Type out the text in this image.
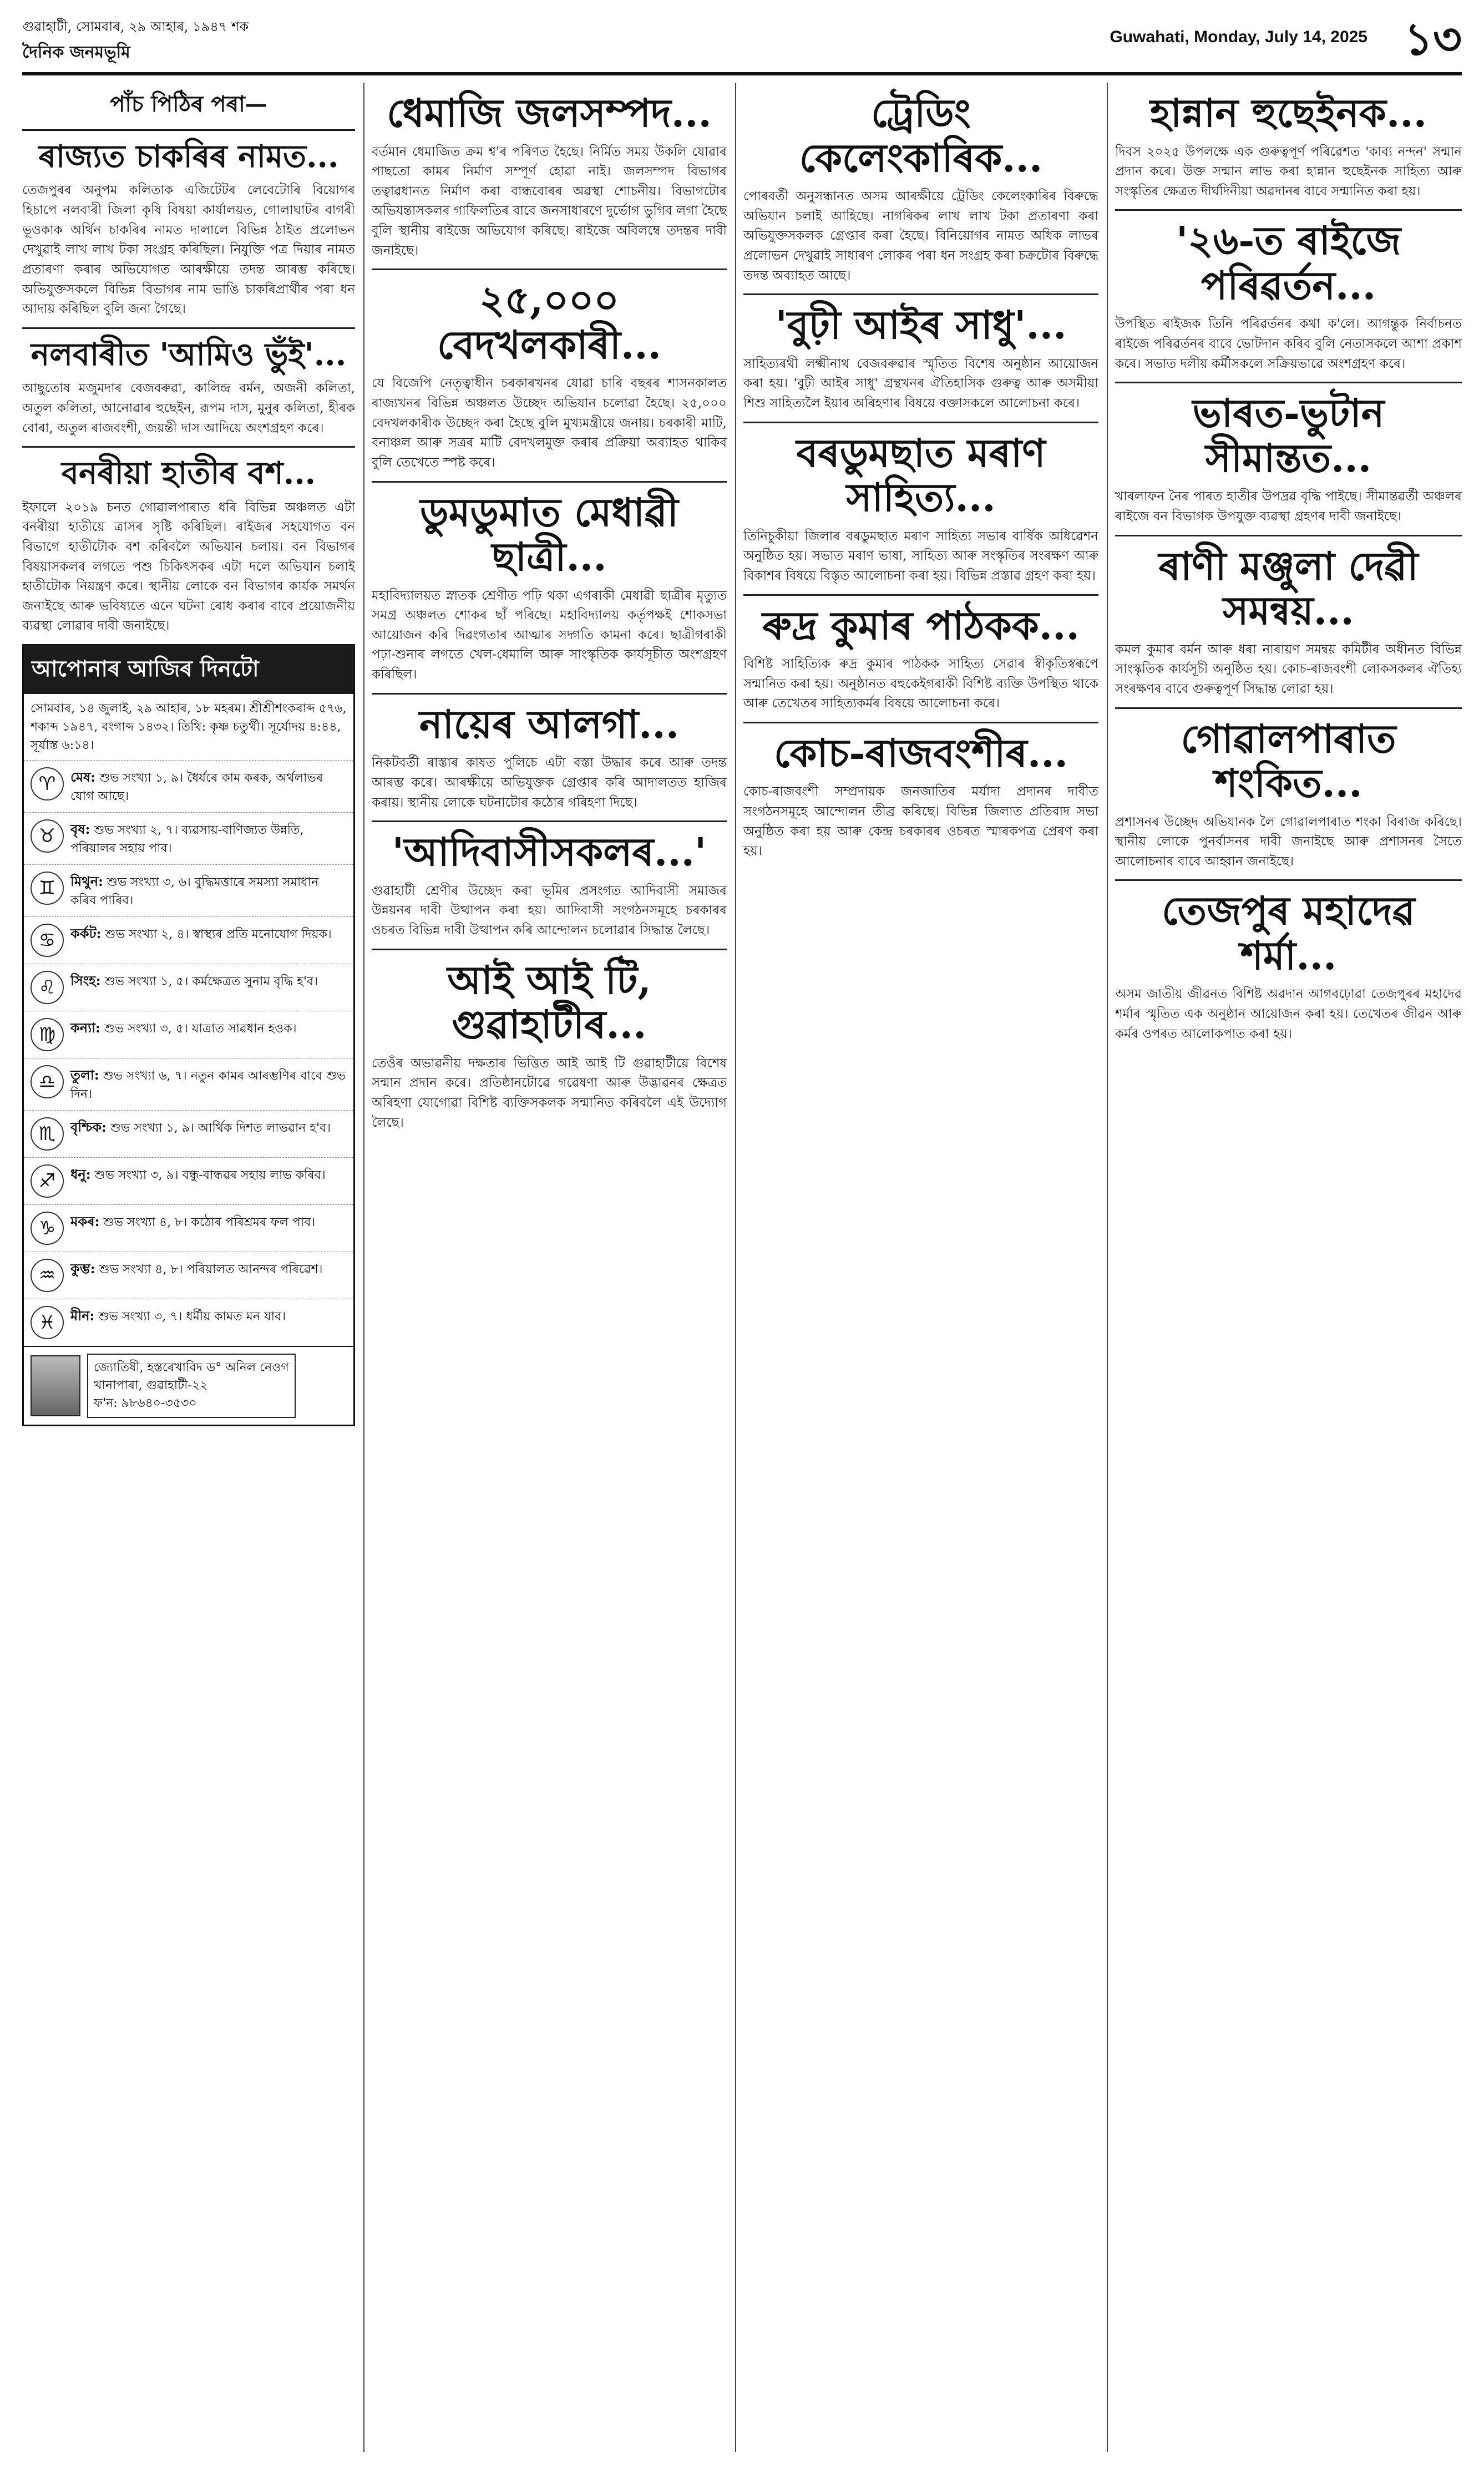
গুৱাহাটী, সোমবাৰ, ২৯ আহাৰ, ১৯৪৭ শক
দৈনিক জনমভূমি
Guwahati, Monday, July 14, 2025 ১৩
পাঁচ পিঠিৰ পৰা—
ৰাজ্যত চাকৰিৰ নামত...
তেজপুৰৰ অনুপম কলিতাক এজিটেটৰ লেবেটোৰি বিয়োগৰ হিচাপে নলবাৰী জিলা কৃষি বিষয়া কাৰ্যালয়ত, গোলাঘাটৰ বাগৰী ভূওকাক অৰ্থিন চাকৰিৰ নামত দালালে বিভিন্ন ঠাইত প্ৰলোভন দেখুৱাই লাখ লাখ টকা সংগ্ৰহ কৰিছিল। নিযুক্তি পত্ৰ দিয়াৰ নামত প্ৰতাৰণা কৰাৰ অভিযোগত আৰক্ষীয়ে তদন্ত আৰম্ভ কৰিছে। অভিযুক্তসকলে বিভিন্ন বিভাগৰ নাম ভাঙি চাকৰিপ্ৰাৰ্থীৰ পৰা ধন আদায় কৰিছিল বুলি জনা গৈছে।
নলবাৰীত 'আমিও ভুঁই'...
আছুতোষ মজুমদাৰ বেজবৰুৱা, কালিন্দ্ৰ বৰ্মন, অজনী কলিতা, অতুল কলিতা, আনোৱাৰ হুছেইন, রূপম দাস, মুনুৰ কলিতা, হীৰক বোৰা, অতুল ৰাজবংশী, জয়ন্তী দাস আদিয়ে অংশগ্ৰহণ কৰে।
বনৰীয়া হাতীৰ বশ...
ইফালে ২০১৯ চনত গোৱালপাৰাত ধৰি বিভিন্ন অঞ্চলত এটা বনৰীয়া হাতীয়ে ত্ৰাসৰ সৃষ্টি কৰিছিল। ৰাইজৰ সহযোগত বন বিভাগে হাতীটোক বশ কৰিবলৈ অভিযান চলায়। বন বিভাগৰ বিষয়াসকলৰ লগতে পশু চিকিৎসকৰ এটা দলে অভিযান চলাই হাতীটোক নিয়ন্ত্ৰণ কৰে। স্থানীয় লোকে বন বিভাগৰ কাৰ্যক সমৰ্থন জনাইছে আৰু ভবিষ্যতে এনে ঘটনা ৰোধ কৰাৰ বাবে প্ৰয়োজনীয় ব্যৱস্থা লোৱাৰ দাবী জনাইছে।
আপোনাৰ আজিৰ দিনটো
সোমবাৰ, ১৪ জুলাই, ২৯ আহাৰ, ১৮ মহৰম। শ্ৰীশ্ৰীশংকৰাব্দ ৫৭৬, শকাব্দ ১৯৪৭, বংগাব্দ ১৪৩২। তিথি: কৃষ্ণ চতুৰ্থী। সূৰ্যোদয় ৪:৪৪, সূৰ্যাস্ত ৬:১৪।
♈	মেষ: শুভ সংখ্যা ১, ৯। ধৈৰ্যৰে কাম কৰক, অৰ্থলাভৰ যোগ আছে।
♉	বৃষ: শুভ সংখ্যা ২, ৭। ব্যৱসায়-বাণিজ্যত উন্নতি, পৰিয়ালৰ সহায় পাব।
♊	মিথুন: শুভ সংখ্যা ৩, ৬। বুদ্ধিমত্তাৰে সমস্যা সমাধান কৰিব পাৰিব।
♋	কৰ্কট: শুভ সংখ্যা ২, ৪। স্বাস্থ্যৰ প্ৰতি মনোযোগ দিয়ক।
♌	সিংহ: শুভ সংখ্যা ১, ৫। কৰ্মক্ষেত্ৰত সুনাম বৃদ্ধি হ'ব।
♍	কন্যা: শুভ সংখ্যা ৩, ৫। যাত্ৰাত সাৱধান হওক।
♎	তুলা: শুভ সংখ্যা ৬, ৭। নতুন কামৰ আৰম্ভণিৰ বাবে শুভ দিন।
♏	বৃশ্চিক: শুভ সংখ্যা ১, ৯। আৰ্থিক দিশত লাভৱান হ'ব।
♐	ধনু: শুভ সংখ্যা ৩, ৯। বন্ধু-বান্ধৱৰ সহায় লাভ কৰিব।
♑	মকৰ: শুভ সংখ্যা ৪, ৮। কঠোৰ পৰিশ্ৰমৰ ফল পাব।
♒	কুম্ভ: শুভ সংখ্যা ৪, ৮। পৰিয়ালত আনন্দৰ পৰিৱেশ।
♓	মীন: শুভ সংখ্যা ৩, ৭। ধৰ্মীয় কামত মন যাব।
জ্যোতিষী, হস্তৰেখাবিদ ড° অনিল নেওগ
খানাপাৰা, গুৱাহাটী-২২
ফ'ন: ৯৮৬৪০-৩৫৩০
ধেমাজি জলসম্পদ...
বৰ্তমান ধেমাজিত ক্ৰম শ্ব'ৰ পৰিণত হৈছে। নিৰ্মিত সময় উকলি যোৱাৰ পাছতো কামৰ নিৰ্মাণ সম্পূৰ্ণ হোৱা নাই। জলসম্পদ বিভাগৰ তত্বাৱধানত নিৰ্মাণ কৰা বান্ধবোৰৰ অৱস্থা শোচনীয়। বিভাগটোৰ অভিযন্তাসকলৰ গাফিলতিৰ বাবে জনসাধাৰণে দুৰ্ভোগ ভুগিব লগা হৈছে বুলি স্থানীয় ৰাইজে অভিযোগ কৰিছে। ৰাইজে অবিলম্বে তদন্তৰ দাবী জনাইছে।
২৫,০০০ বেদখলকাৰী...
যে বিজেপি নেতৃত্বাধীন চৰকাৰখনৰ যোৱা চাৰি বছৰৰ শাসনকালত ৰাজ্যখনৰ বিভিন্ন অঞ্চলত উচ্ছেদ অভিযান চলোৱা হৈছে। ২৫,০০০ বেদখলকাৰীক উচ্ছেদ কৰা হৈছে বুলি মুখ্যমন্ত্ৰীয়ে জনায়। চৰকাৰী মাটি, বনাঞ্চল আৰু সত্ৰৰ মাটি বেদখলমুক্ত কৰাৰ প্ৰক্ৰিয়া অব্যাহত থাকিব বুলি তেখেতে স্পষ্ট কৰে।
ডুমডুমাত মেধাৱী ছাত্ৰী...
মহাবিদ্যালয়ত স্নাতক শ্ৰেণীত পঢ়ি থকা এগৰাকী মেধাৱী ছাত্ৰীৰ মৃত্যুত সমগ্ৰ অঞ্চলত শোকৰ ছাঁ পৰিছে। মহাবিদ্যালয় কৰ্তৃপক্ষই শোকসভা আয়োজন কৰি দিৱংগতাৰ আত্মাৰ সদ্গতি কামনা কৰে। ছাত্ৰীগৰাকী পঢ়া-শুনাৰ লগতে খেল-ধেমালি আৰু সাংস্কৃতিক কাৰ্যসূচীত অংশগ্ৰহণ কৰিছিল।
নায়েৰ আলগা...
নিকটবৰ্তী ৰাস্তাৰ কাষত পুলিচে এটা বস্তা উদ্ধাৰ কৰে আৰু তদন্ত আৰম্ভ কৰে। আৰক্ষীয়ে অভিযুক্তক গ্ৰেপ্তাৰ কৰি আদালতত হাজিৰ কৰায়। স্থানীয় লোকে ঘটনাটোৰ কঠোৰ গৰিহণা দিছে।
'আদিবাসীসকলৰ...'
গুৱাহাটী শ্ৰেণীৰ উচ্ছেদ কৰা ভূমিৰ প্ৰসংগত আদিবাসী সমাজৰ উন্নয়নৰ দাবী উত্থাপন কৰা হয়। আদিবাসী সংগঠনসমূহে চৰকাৰৰ ওচৰত বিভিন্ন দাবী উত্থাপন কৰি আন্দোলন চলোৱাৰ সিদ্ধান্ত লৈছে।
আই আই টি, গুৱাহাটীৰ...
তেওঁৰ অভাৱনীয় দক্ষতাৰ ভিত্তিত আই আই টি গুৱাহাটীয়ে বিশেষ সন্মান প্ৰদান কৰে। প্ৰতিষ্ঠানটোৱে গৱেষণা আৰু উদ্ভাৱনৰ ক্ষেত্ৰত অৰিহণা যোগোৱা বিশিষ্ট ব্যক্তিসকলক সন্মানিত কৰিবলৈ এই উদ্যোগ লৈছে।
ট্ৰেডিং কেলেংকাৰিক...
পোৰবৰ্তী অনুসন্ধানত অসম আৰক্ষীয়ে ট্ৰেডিং কেলেংকাৰিৰ বিৰুদ্ধে অভিযান চলাই আহিছে। নাগৰিকৰ লাখ লাখ টকা প্ৰতাৰণা কৰা অভিযুক্তসকলক গ্ৰেপ্তাৰ কৰা হৈছে। বিনিয়োগৰ নামত অধিক লাভৰ প্ৰলোভন দেখুৱাই সাধাৰণ লোকৰ পৰা ধন সংগ্ৰহ কৰা চক্ৰটোৰ বিৰুদ্ধে তদন্ত অব্যাহত আছে।
'বুঢ়ী আইৰ সাধু'...
সাহিত্যৰথী লক্ষ্মীনাথ বেজবৰুৱাৰ স্মৃতিত বিশেষ অনুষ্ঠান আয়োজন কৰা হয়। 'বুঢ়ী আইৰ সাধু' গ্ৰন্থখনৰ ঐতিহাসিক গুৰুত্ব আৰু অসমীয়া শিশু সাহিত্যলৈ ইয়াৰ অৰিহণাৰ বিষয়ে বক্তাসকলে আলোচনা কৰে।
বৰডুমছাত মৰাণ সাহিত্য...
তিনিচুকীয়া জিলাৰ বৰডুমছাত মৰাণ সাহিত্য সভাৰ বাৰ্ষিক অধিৱেশন অনুষ্ঠিত হয়। সভাত মৰাণ ভাষা, সাহিত্য আৰু সংস্কৃতিৰ সংৰক্ষণ আৰু বিকাশৰ বিষয়ে বিস্তৃত আলোচনা কৰা হয়। বিভিন্ন প্ৰস্তাৱ গ্ৰহণ কৰা হয়।
ৰুদ্ৰ কুমাৰ পাঠকক...
বিশিষ্ট সাহিত্যিক ৰুদ্ৰ কুমাৰ পাঠকক সাহিত্য সেৱাৰ স্বীকৃতিস্বৰূপে সন্মানিত কৰা হয়। অনুষ্ঠানত বহুকেইগৰাকী বিশিষ্ট ব্যক্তি উপস্থিত থাকে আৰু তেখেতৰ সাহিত্যকৰ্মৰ বিষয়ে আলোচনা কৰে।
কোচ-ৰাজবংশীৰ...
কোচ-ৰাজবংশী সম্প্ৰদায়ক জনজাতিৰ মৰ্যাদা প্ৰদানৰ দাবীত সংগঠনসমূহে আন্দোলন তীব্ৰ কৰিছে। বিভিন্ন জিলাত প্ৰতিবাদ সভা অনুষ্ঠিত কৰা হয় আৰু কেন্দ্ৰ চৰকাৰৰ ওচৰত স্মাৰকপত্ৰ প্ৰেৰণ কৰা হয়।
হান্নান হুছেইনক...
দিবস ২০২৫ উপলক্ষে এক গুৰুত্বপূৰ্ণ পৰিৱেশত 'কাব্য নন্দন' সন্মান প্ৰদান কৰে। উক্ত সন্মান লাভ কৰা হান্নান হুছেইনক সাহিত্য আৰু সংস্কৃতিৰ ক্ষেত্ৰত দীৰ্ঘদিনীয়া অৱদানৰ বাবে সন্মানিত কৰা হয়।
'২৬-ত ৰাইজে পৰিৱৰ্তন...
উপস্থিত ৰাইজক তিনি পৰিৱৰ্তনৰ কথা ক'লে। আগন্তুক নিৰ্বাচনত ৰাইজে পৰিৱৰ্তনৰ বাবে ভোটদান কৰিব বুলি নেতাসকলে আশা প্ৰকাশ কৰে। সভাত দলীয় কৰ্মীসকলে সক্ৰিয়ভাৱে অংশগ্ৰহণ কৰে।
ভাৰত-ভুটান সীমান্তত...
খাৰলাফন নৈৰ পাৰত হাতীৰ উপদ্ৰৱ বৃদ্ধি পাইছে। সীমান্তৱৰ্তী অঞ্চলৰ ৰাইজে বন বিভাগক উপযুক্ত ব্যৱস্থা গ্ৰহণৰ দাবী জনাইছে।
ৰাণী মঞ্জুলা দেৱী সমন্বয়...
কমল কুমাৰ বৰ্মন আৰু ধৰা নাৰায়ণ সমন্বয় কমিটীৰ অধীনত বিভিন্ন সাংস্কৃতিক কাৰ্যসূচী অনুষ্ঠিত হয়। কোচ-ৰাজবংশী লোকসকলৰ ঐতিহ্য সংৰক্ষণৰ বাবে গুৰুত্বপূৰ্ণ সিদ্ধান্ত লোৱা হয়।
গোৱালপাৰাত শংকিত...
প্ৰশাসনৰ উচ্ছেদ অভিযানক লৈ গোৱালপাৰাত শংকা বিৰাজ কৰিছে। স্থানীয় লোকে পুনৰ্বাসনৰ দাবী জনাইছে আৰু প্ৰশাসনৰ সৈতে আলোচনাৰ বাবে আহ্বান জনাইছে।
তেজপুৰ মহাদেৱ শৰ্মা...
অসম জাতীয় জীৱনত বিশিষ্ট অৱদান আগবঢ়োৱা তেজপুৰৰ মহাদেৱ শৰ্মাৰ স্মৃতিত এক অনুষ্ঠান আয়োজন কৰা হয়। তেখেতৰ জীৱন আৰু কৰ্মৰ ওপৰত আলোকপাত কৰা হয়।
